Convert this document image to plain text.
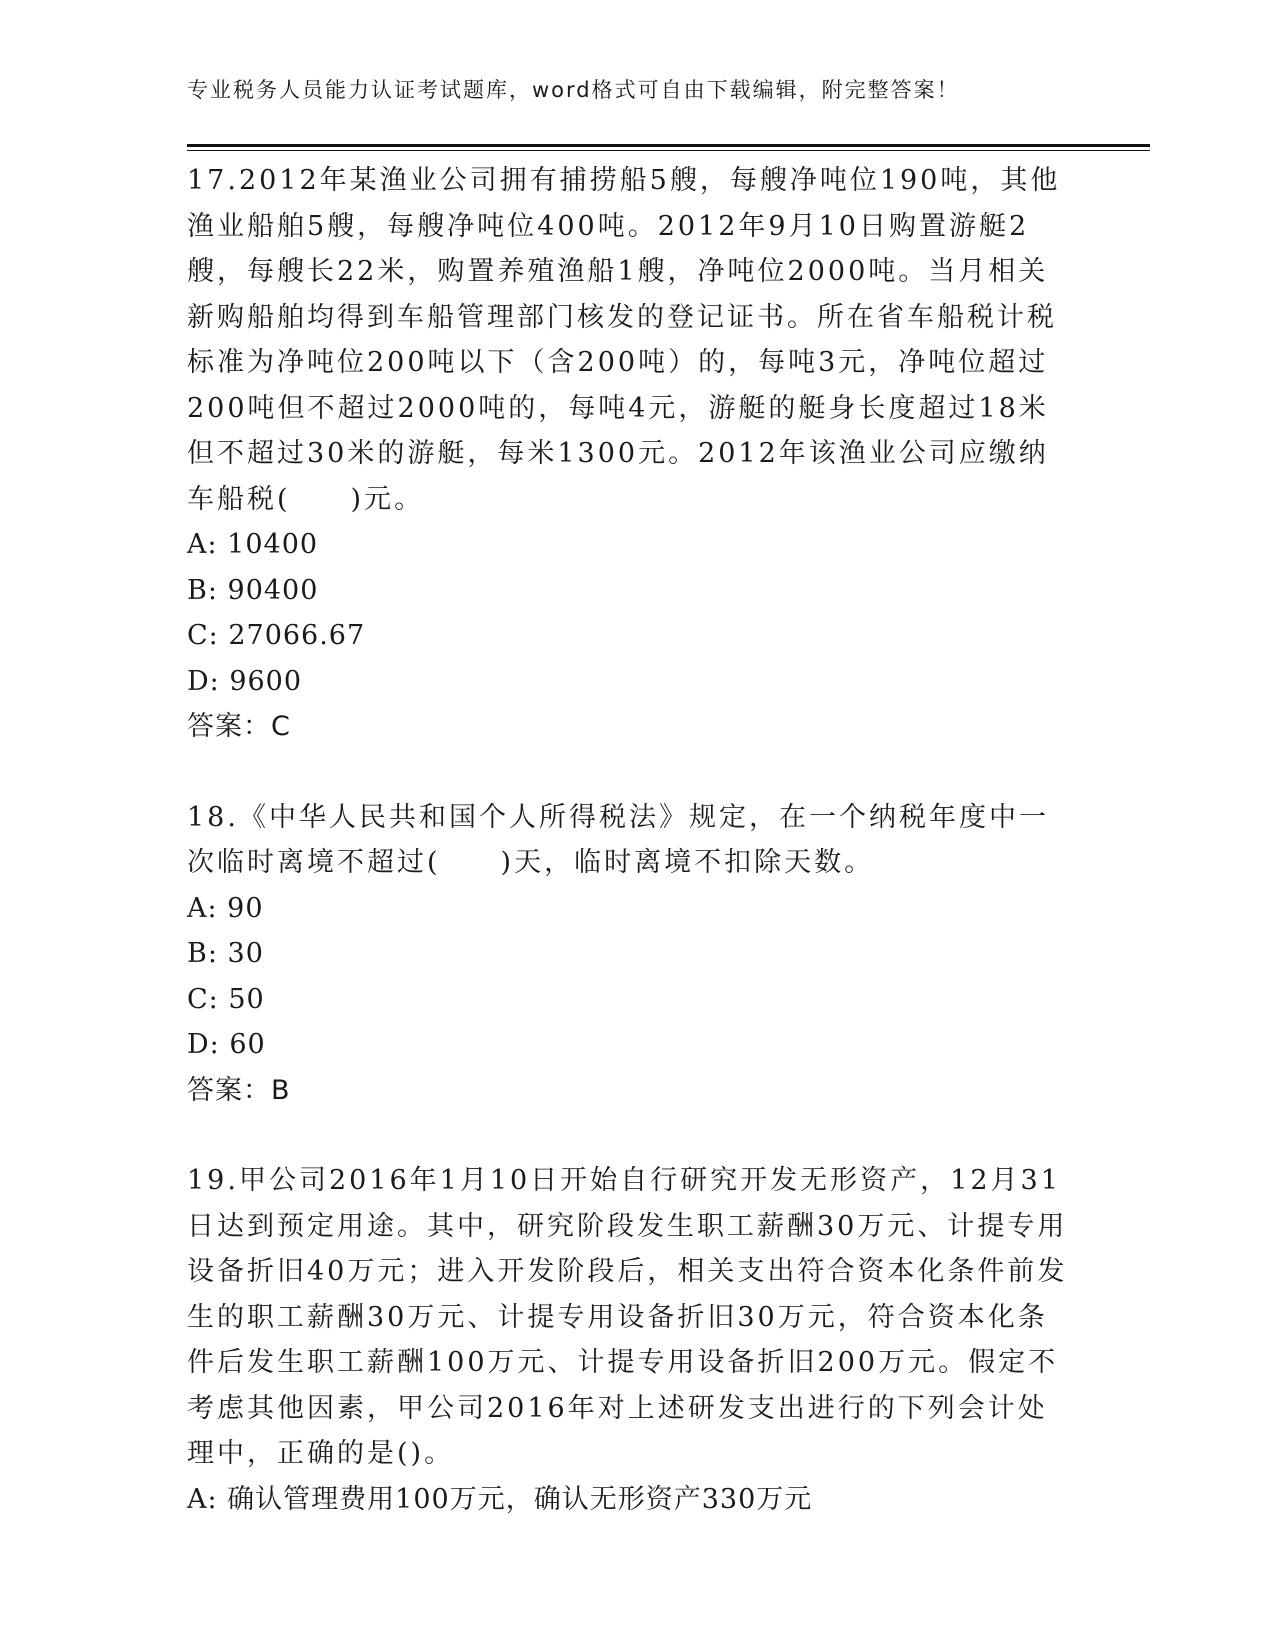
专业税务人员能力认证考试题库，word格式可自由下载编辑，附完整答案！

17.2012年某渔业公司拥有捕捞船5艘，每艘净吨位190吨，其他渔业船舶5艘，每艘净吨位400吨。2012年9月10日购置游艇2艘，每艘长22米，购置养殖渔船1艘，净吨位2000吨。当月相关新购船舶均得到车船管理部门核发的登记证书。所在省车船税计税标准为净吨位200吨以下（含200吨）的，每吨3元，净吨位超过200吨但不超过2000吨的，每吨4元，游艇的艇身长度超过18米但不超过30米的游艇，每米1300元。2012年该渔业公司应缴纳车船税(　　)元。

A: 10400

B: 90400

C: 27066.67

D: 9600

答案：C

18.《中华人民共和国个人所得税法》规定，在一个纳税年度中一次临时离境不超过(　　)天，临时离境不扣除天数。

A: 90

B: 30

C: 50

D: 60

答案：B

19.甲公司2016年1月10日开始自行研究开发无形资产，12月31日达到预定用途。其中，研究阶段发生职工薪酬30万元、计提专用设备折旧40万元；进入开发阶段后，相关支出符合资本化条件前发生的职工薪酬30万元、计提专用设备折旧30万元，符合资本化条件后发生职工薪酬100万元、计提专用设备折旧200万元。假定不考虑其他因素，甲公司2016年对上述研发支出进行的下列会计处理中，正确的是()。

A: 确认管理费用100万元，确认无形资产330万元
